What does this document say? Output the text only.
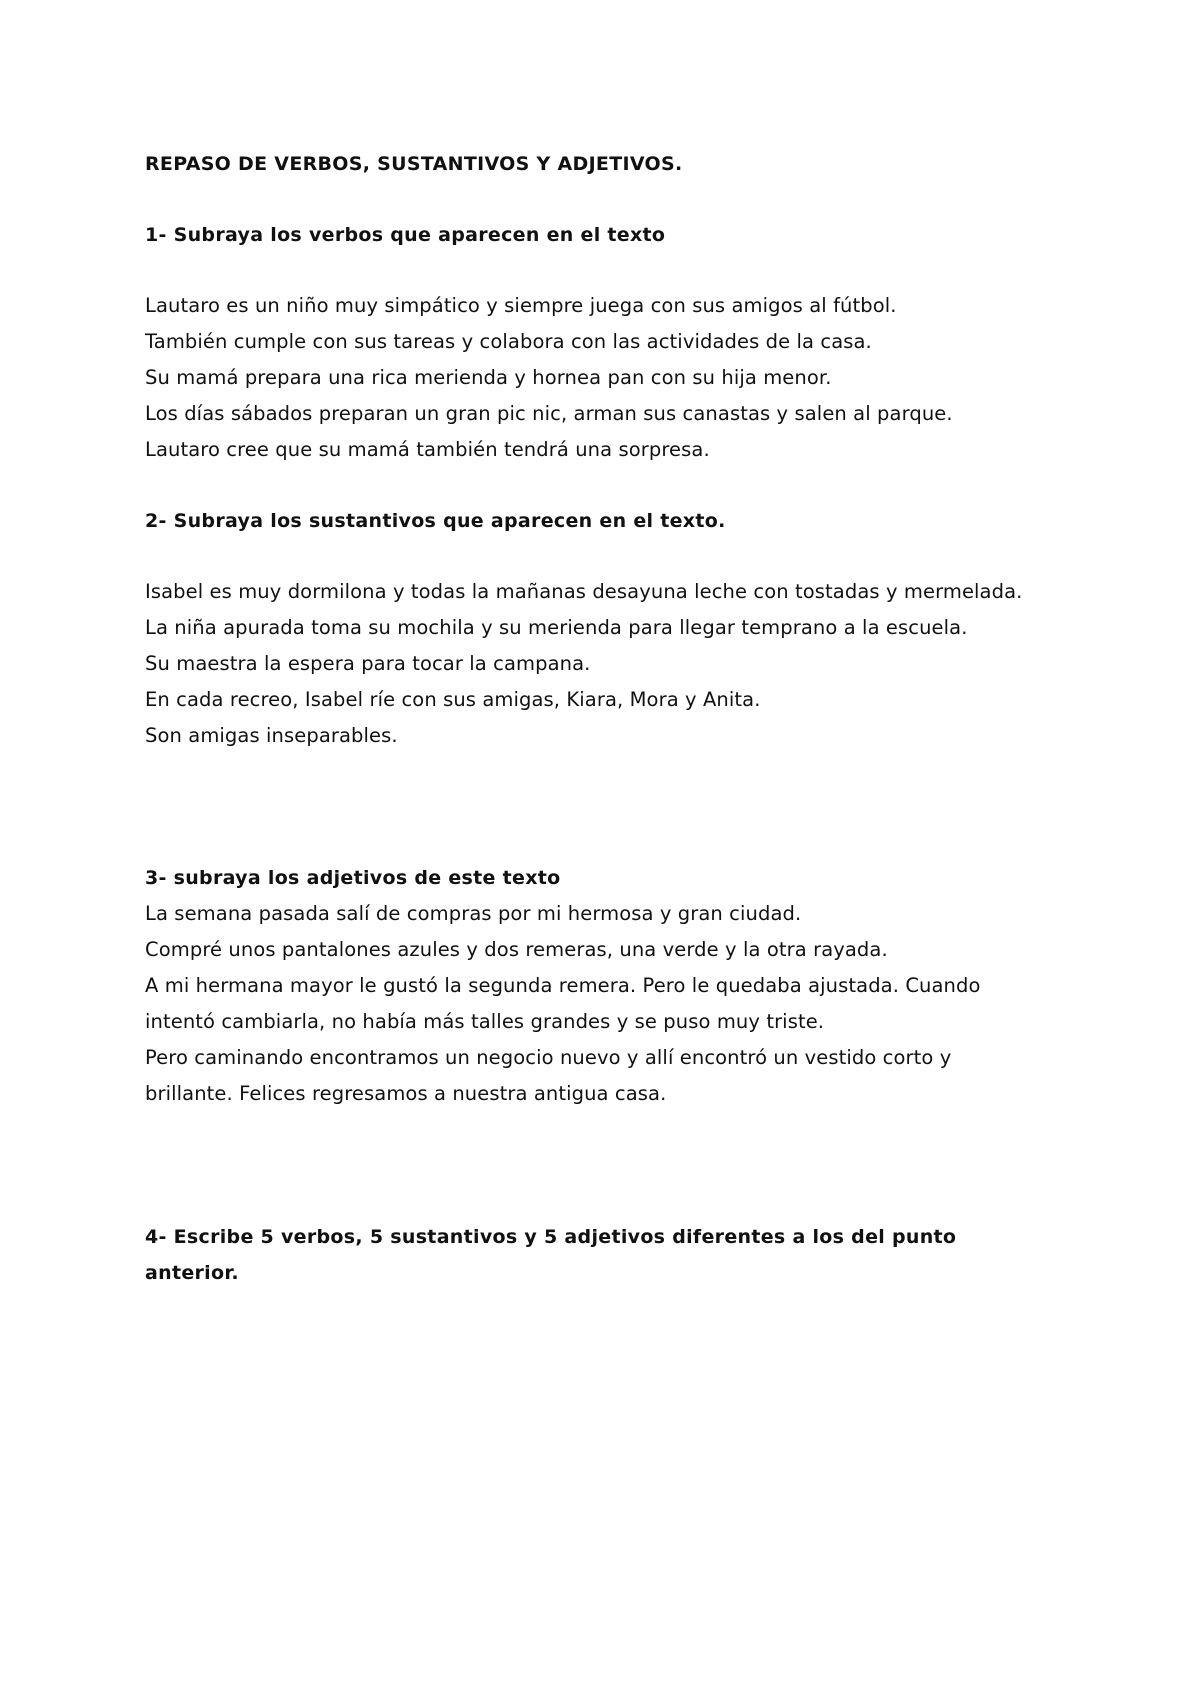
REPASO DE VERBOS, SUSTANTIVOS Y ADJETIVOS.

1- Subraya los verbos que aparecen en el texto

Lautaro es un niño muy simpático y siempre juega con sus amigos al fútbol.

También cumple con sus tareas y colabora con las actividades de la casa.

Su mamá prepara una rica merienda y hornea pan con su hija menor.

Los días sábados preparan un gran pic nic, arman sus canastas y salen al parque.

Lautaro cree que su mamá también tendrá una sorpresa.

2- Subraya los sustantivos que aparecen en el texto.

Isabel es muy dormilona y todas la mañanas desayuna leche con tostadas y mermelada.

La niña apurada toma su mochila y su merienda para llegar temprano a la escuela.

Su maestra la espera para tocar la campana.

En cada recreo, Isabel ríe con sus amigas, Kiara, Mora y Anita.

Son amigas inseparables.

3- subraya los adjetivos de este texto

La semana pasada salí de compras por mi hermosa y gran ciudad.

Compré unos pantalones azules y dos remeras, una verde y la otra rayada.

A mi hermana mayor le gustó la segunda remera. Pero le quedaba ajustada. Cuando

intentó cambiarla, no había más talles grandes y se puso muy triste.

Pero caminando encontramos un negocio nuevo y allí encontró un vestido corto y

brillante. Felices regresamos a nuestra antigua casa.

4- Escribe 5 verbos, 5 sustantivos y 5 adjetivos diferentes a los del punto anterior.
